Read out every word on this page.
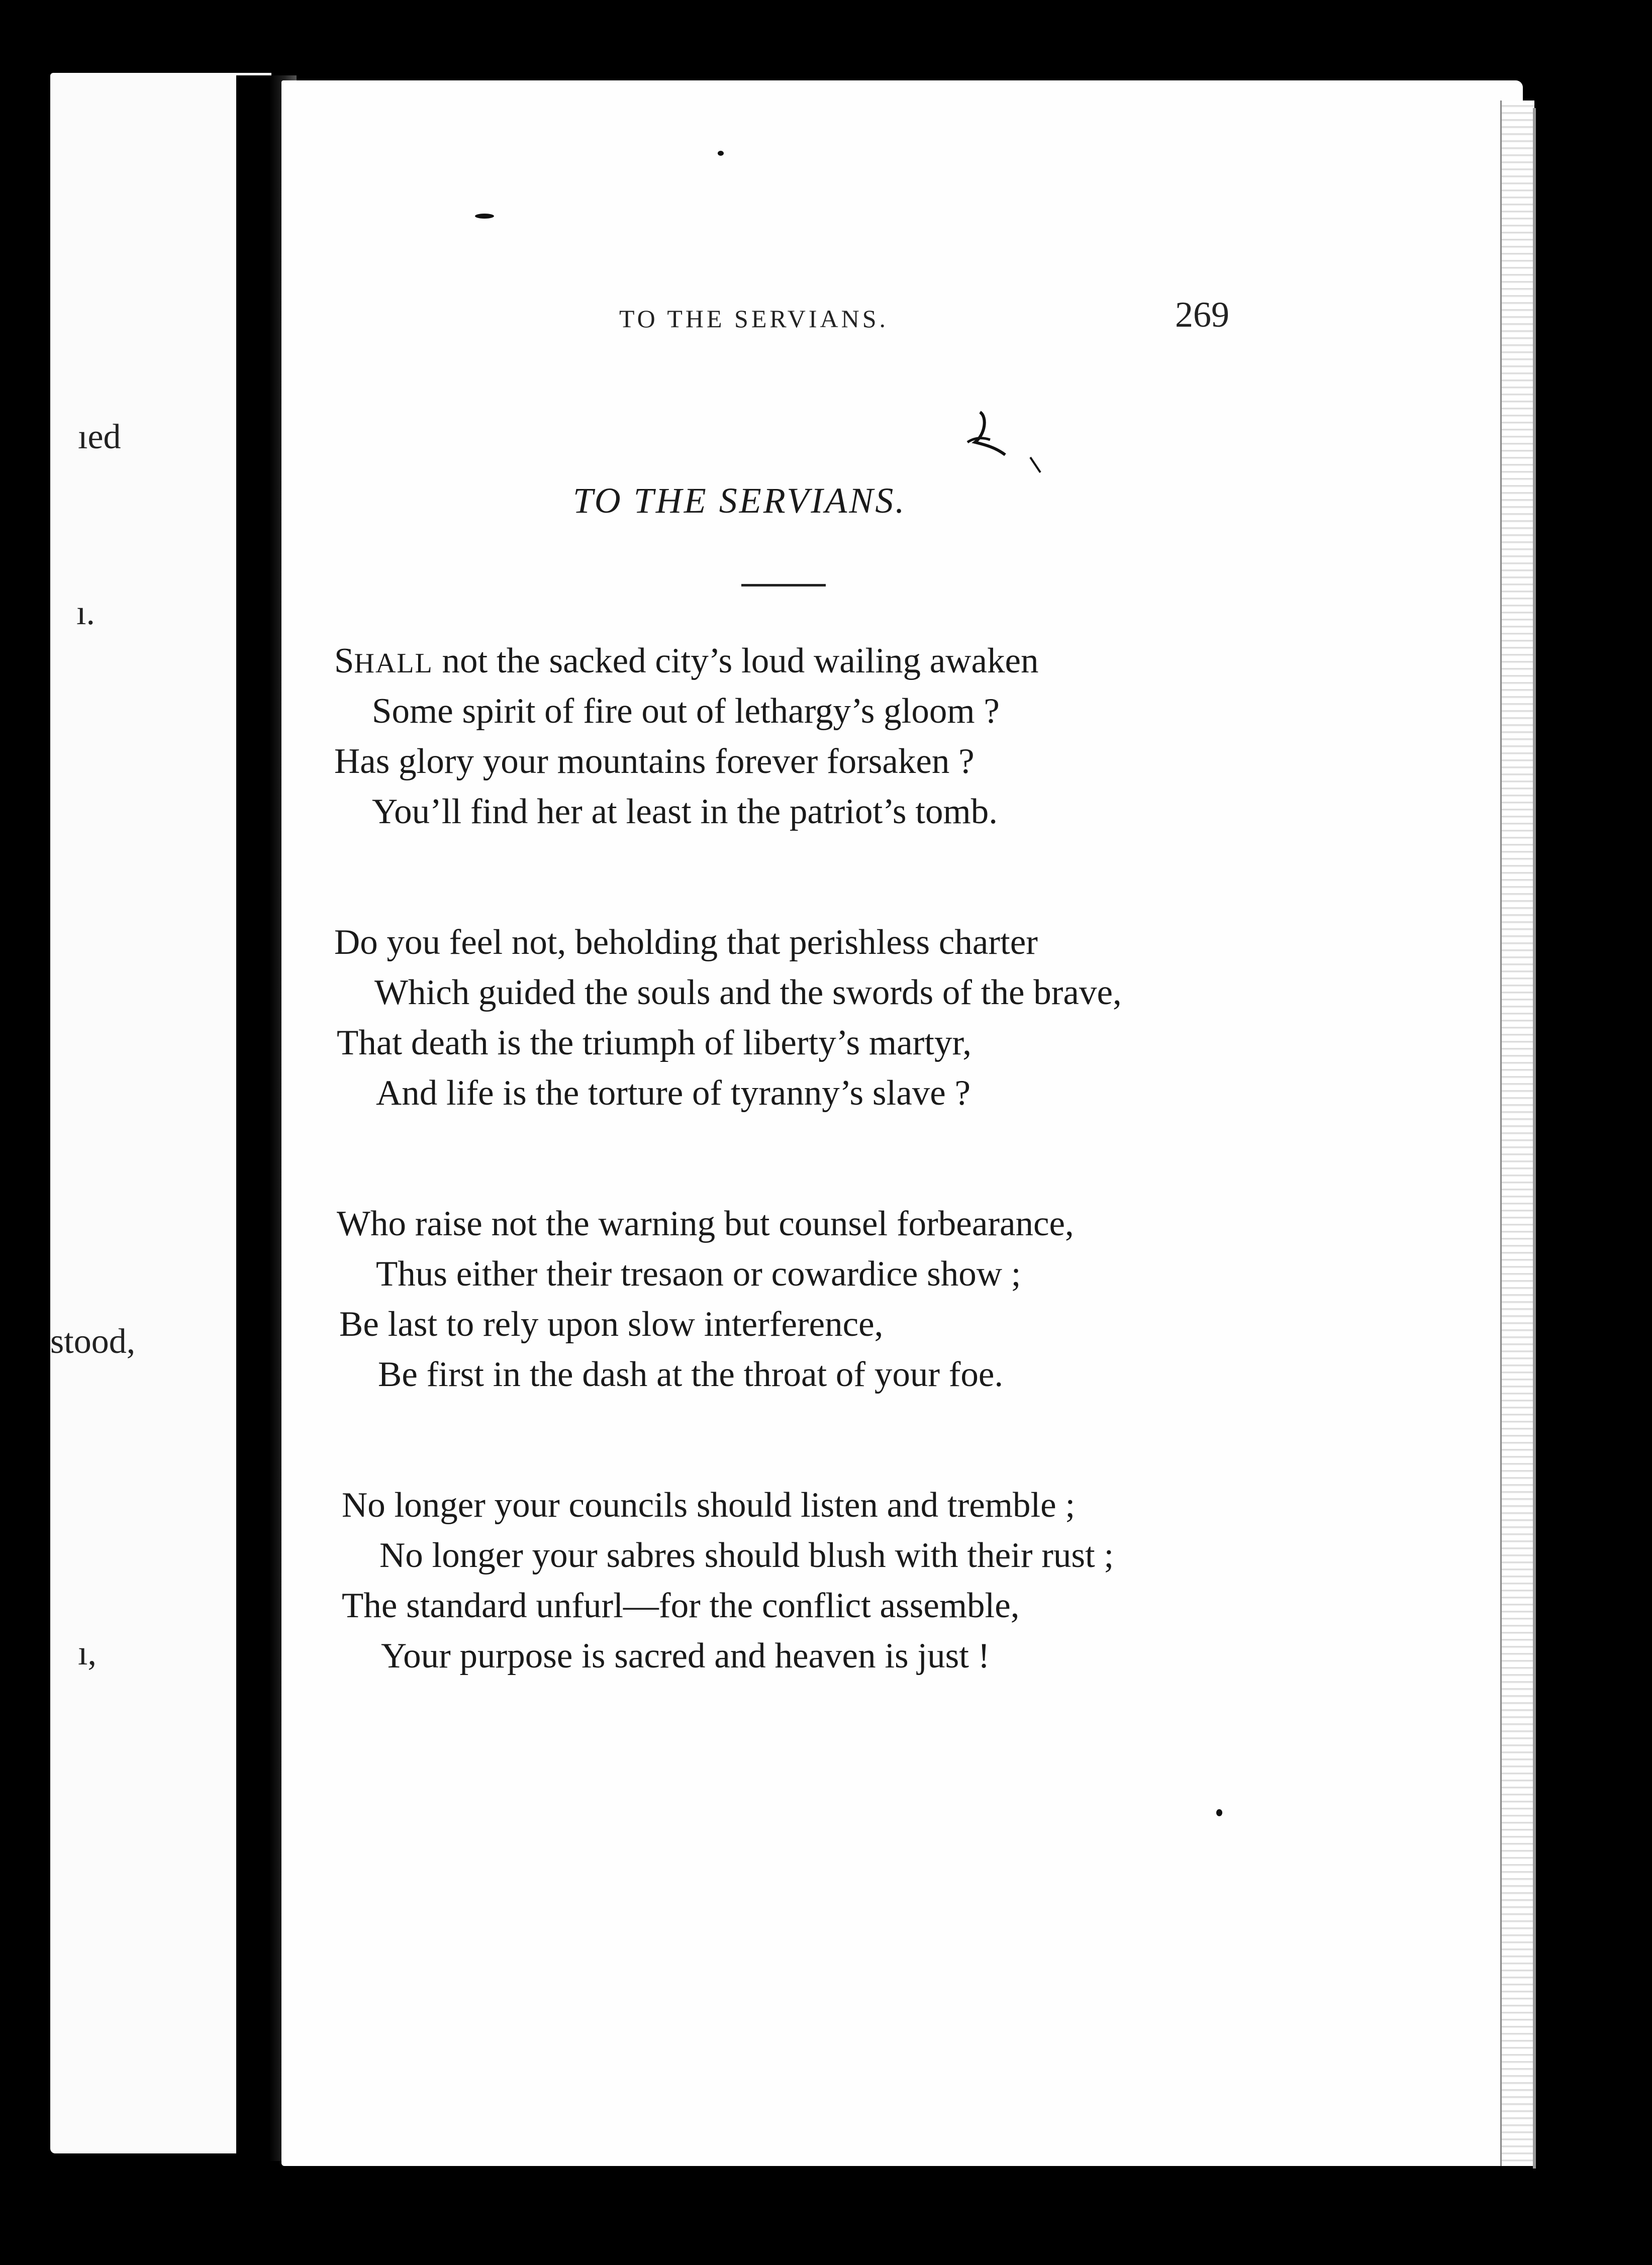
ıed
ı.
stood,
ı,
TO THE SERVIANS.	269
TO THE SERVIANS.
SHALL not the sacked city’s loud wailing awaken
Some spirit of fire out of lethargy’s gloom ?
Has glory your mountains forever forsaken ?
You’ll find her at least in the patriot’s tomb.
Do you feel not, beholding that perishless charter
Which guided the souls and the swords of the brave,
That death is the triumph of liberty’s martyr,
And life is the torture of tyranny’s slave ?
Who raise not the warning but counsel forbearance,
Thus either their tresaon or cowardice show ;
Be last to rely upon slow interference,
Be first in the dash at the throat of your foe.
No longer your councils should listen and tremble ;
No longer your sabres should blush with their rust ;
The standard unfurl—for the conflict assemble,
Your purpose is sacred and heaven is just !
